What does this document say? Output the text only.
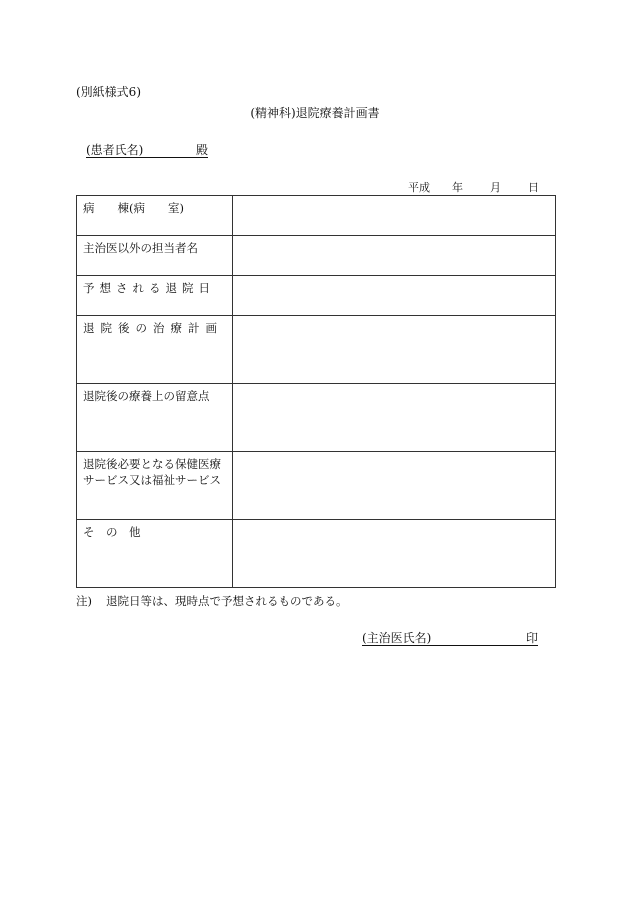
(別紙様式6)
(精神科)退院療養計画書
(患者氏名)	殿
平成 年 月 日
病　　棟(病　　室)	

主治医以外の担当者名	

予想される退院日	

退院後の治療計画	

退院後の療養上の留意点	

退院後必要となる保健医療サービス又は福祉サービス	

そ　の　他	

注) 退院日等は、現時点で予想されるものである。
(主治医氏名)	印
